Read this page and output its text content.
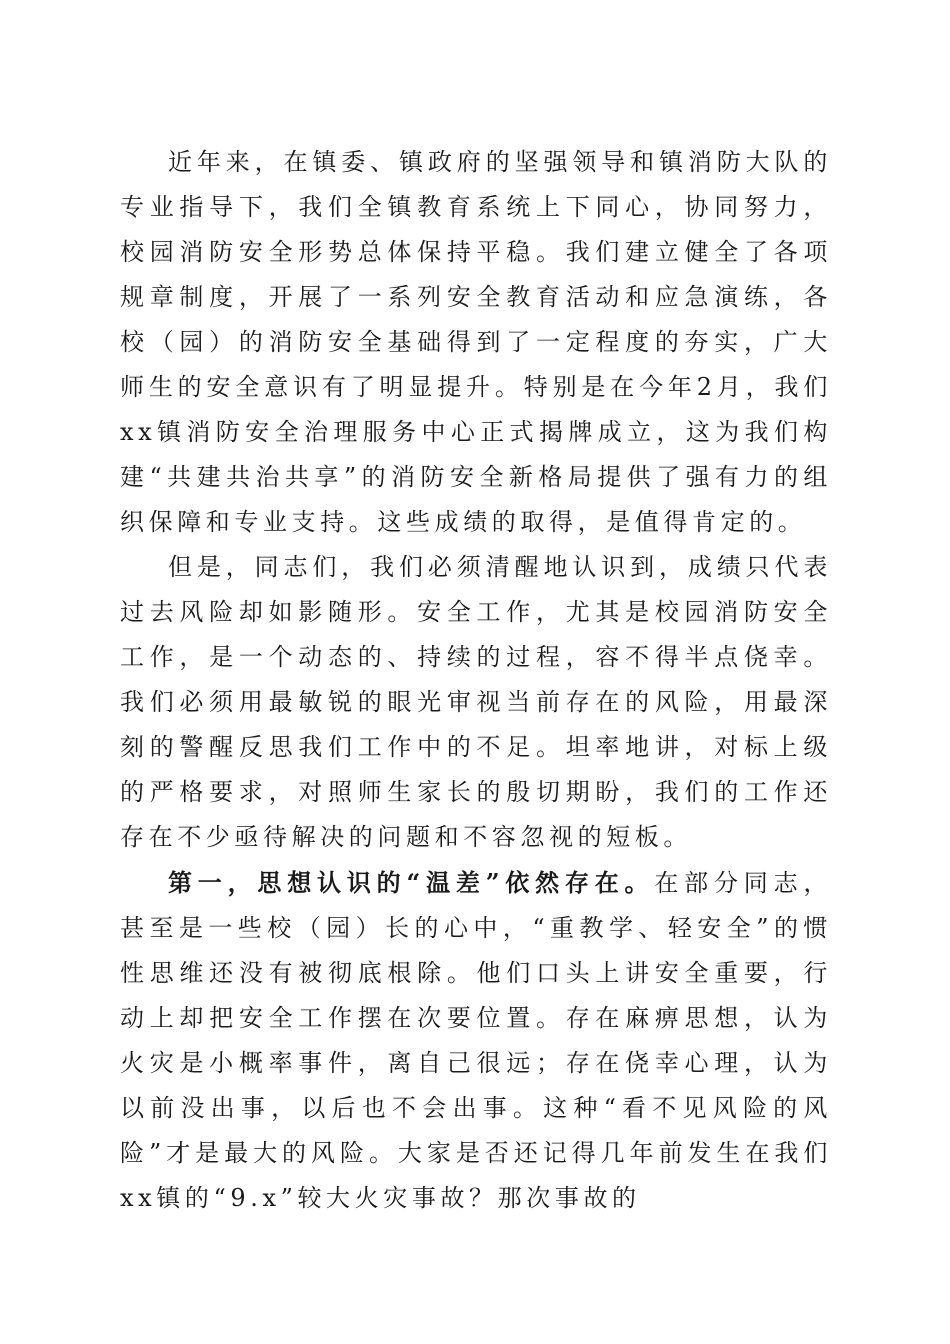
近年来，在镇委、镇政府的坚强领导和镇消防大队的专业指导下，我们全镇教育系统上下同心，协同努力，校园消防安全形势总体保持平稳。我们建立健全了各项规章制度，开展了一系列安全教育活动和应急演练，各校（园）的消防安全基础得到了一定程度的夯实，广大师生的安全意识有了明显提升。特别是在今年2月，我们xx镇消防安全治理服务中心正式揭牌成立，这为我们构建“共建共治共享”的消防安全新格局提供了强有力的组织保障和专业支持。这些成绩的取得，是值得肯定的。

但是，同志们，我们必须清醒地认识到，成绩只代表过去风险却如影随形。安全工作，尤其是校园消防安全工作，是一个动态的、持续的过程，容不得半点侥幸。我们必须用最敏锐的眼光审视当前存在的风险，用最深刻的警醒反思我们工作中的不足。坦率地讲，对标上级的严格要求，对照师生家长的殷切期盼，我们的工作还存在不少亟待解决的问题和不容忽视的短板。

第一，思想认识的“温差”依然存在。在部分同志，甚至是一些校（园）长的心中，“重教学、轻安全”的惯性思维还没有被彻底根除。他们口头上讲安全重要，行动上却把安全工作摆在次要位置。存在麻痹思想，认为火灾是小概率事件，离自己很远；存在侥幸心理，认为以前没出事，以后也不会出事。这种“看不见风险的风险”才是最大的风险。大家是否还记得几年前发生在我们xx镇的“9.x”较大火灾事故？那次事故的
